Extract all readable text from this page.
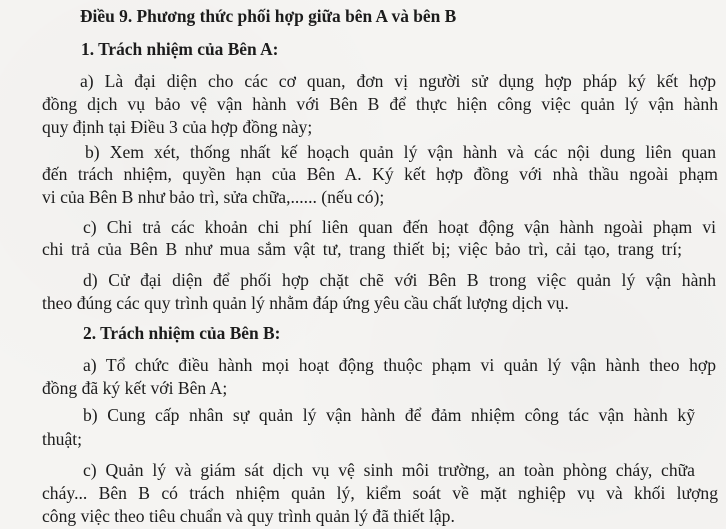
Điều 9. Phương thức phối hợp giữa bên A và bên B
1. Trách nhiệm của Bên A:
a) Là đại diện cho các cơ quan, đơn vị người sử dụng hợp pháp ký kết hợp
đồng dịch vụ bảo vệ vận hành với Bên B để thực hiện công việc quản lý vận hành
quy định tại Điều 3 của hợp đồng này;
b) Xem xét, thống nhất kế hoạch quản lý vận hành và các nội dung liên quan
đến trách nhiệm, quyền hạn của Bên A. Ký kết hợp đồng với nhà thầu ngoài phạm
vi của Bên B như bảo trì, sửa chữa,...... (nếu có);
c) Chi trả các khoản chi phí liên quan đến hoạt động vận hành ngoài phạm vi
chi trả của Bên B như mua sắm vật tư, trang thiết bị; việc bảo trì, cải tạo, trang trí;
d) Cử đại diện để phối hợp chặt chẽ với Bên B trong việc quản lý vận hành
theo đúng các quy trình quản lý nhằm đáp ứng yêu cầu chất lượng dịch vụ.
2. Trách nhiệm của Bên B:
a) Tổ chức điều hành mọi hoạt động thuộc phạm vi quản lý vận hành theo hợp
đồng đã ký kết với Bên A;
b) Cung cấp nhân sự quản lý vận hành để đảm nhiệm công tác vận hành kỹ
thuật;
c) Quản lý và giám sát dịch vụ vệ sinh môi trường, an toàn phòng cháy, chữa
cháy... Bên B có trách nhiệm quản lý, kiểm soát về mặt nghiệp vụ và khối lượng
công việc theo tiêu chuẩn và quy trình quản lý đã thiết lập.
